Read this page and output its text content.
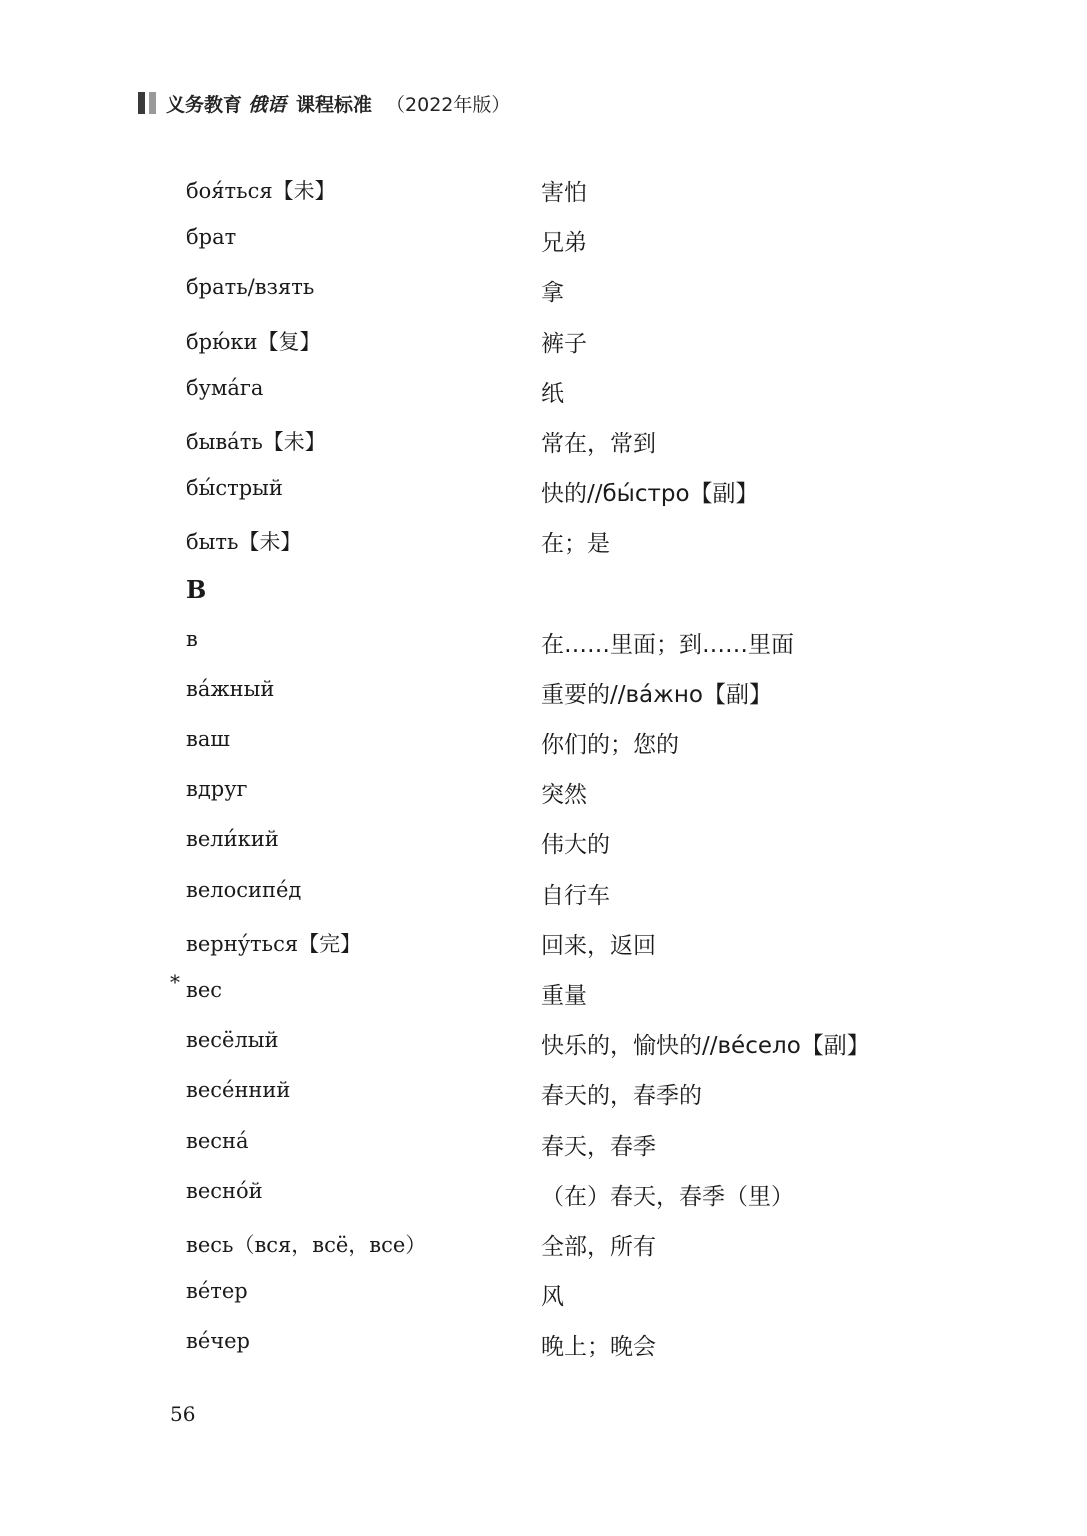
义务教育 俄语 课程标准 （2022年版）
боя́ться【未】	害怕
брат	兄弟
брать/взять	拿
брю́ки【复】	裤子
бума́га	纸
быва́ть【未】	常在，常到
бы́стрый	快的//бы́стро【副】
быть【未】	在；是
В
в	在……里面；到……里面
ва́жный	重要的//ва́жно【副】
ваш	你们的；您的
вдруг	突然
вели́кий	伟大的
велосипе́д	自行车
верну́ться【完】	回来，返回
* вес	重量
весёлый	快乐的，愉快的//ве́село【副】
весе́нний	春天的，春季的
весна́	春天，春季
весно́й	（在）春天，春季（里）
весь（вся，всё，все）	全部，所有
ве́тер	风
ве́чер	晚上；晚会
56
